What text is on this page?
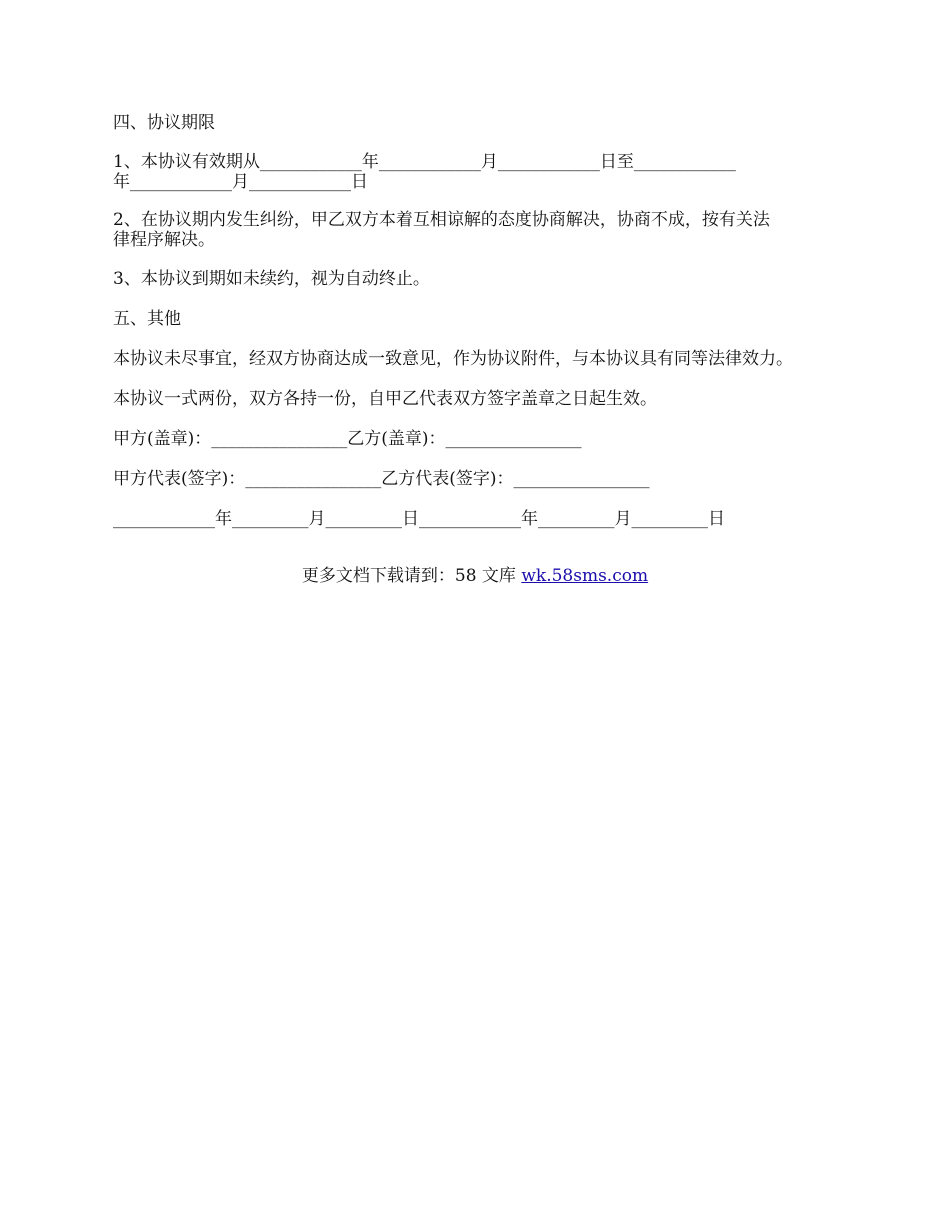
四、协议期限

1、本协议有效期从____________年____________月____________日至____________

年____________月____________日

2、在协议期内发生纠纷，甲乙双方本着互相谅解的态度协商解决，协商不成，按有关法

律程序解决。

3、本协议到期如未续约，视为自动终止。

五、其他

本协议未尽事宜，经双方协商达成一致意见，作为协议附件，与本协议具有同等法律效力。

本协议一式两份，双方各持一份，自甲乙代表双方签字盖章之日起生效。

甲方(盖章)：________________乙方(盖章)：________________

甲方代表(签字)：________________乙方代表(签字)：________________

____________年_________月_________日____________年_________月_________日

更多文档下载请到：58 文库 wk.58sms.com
